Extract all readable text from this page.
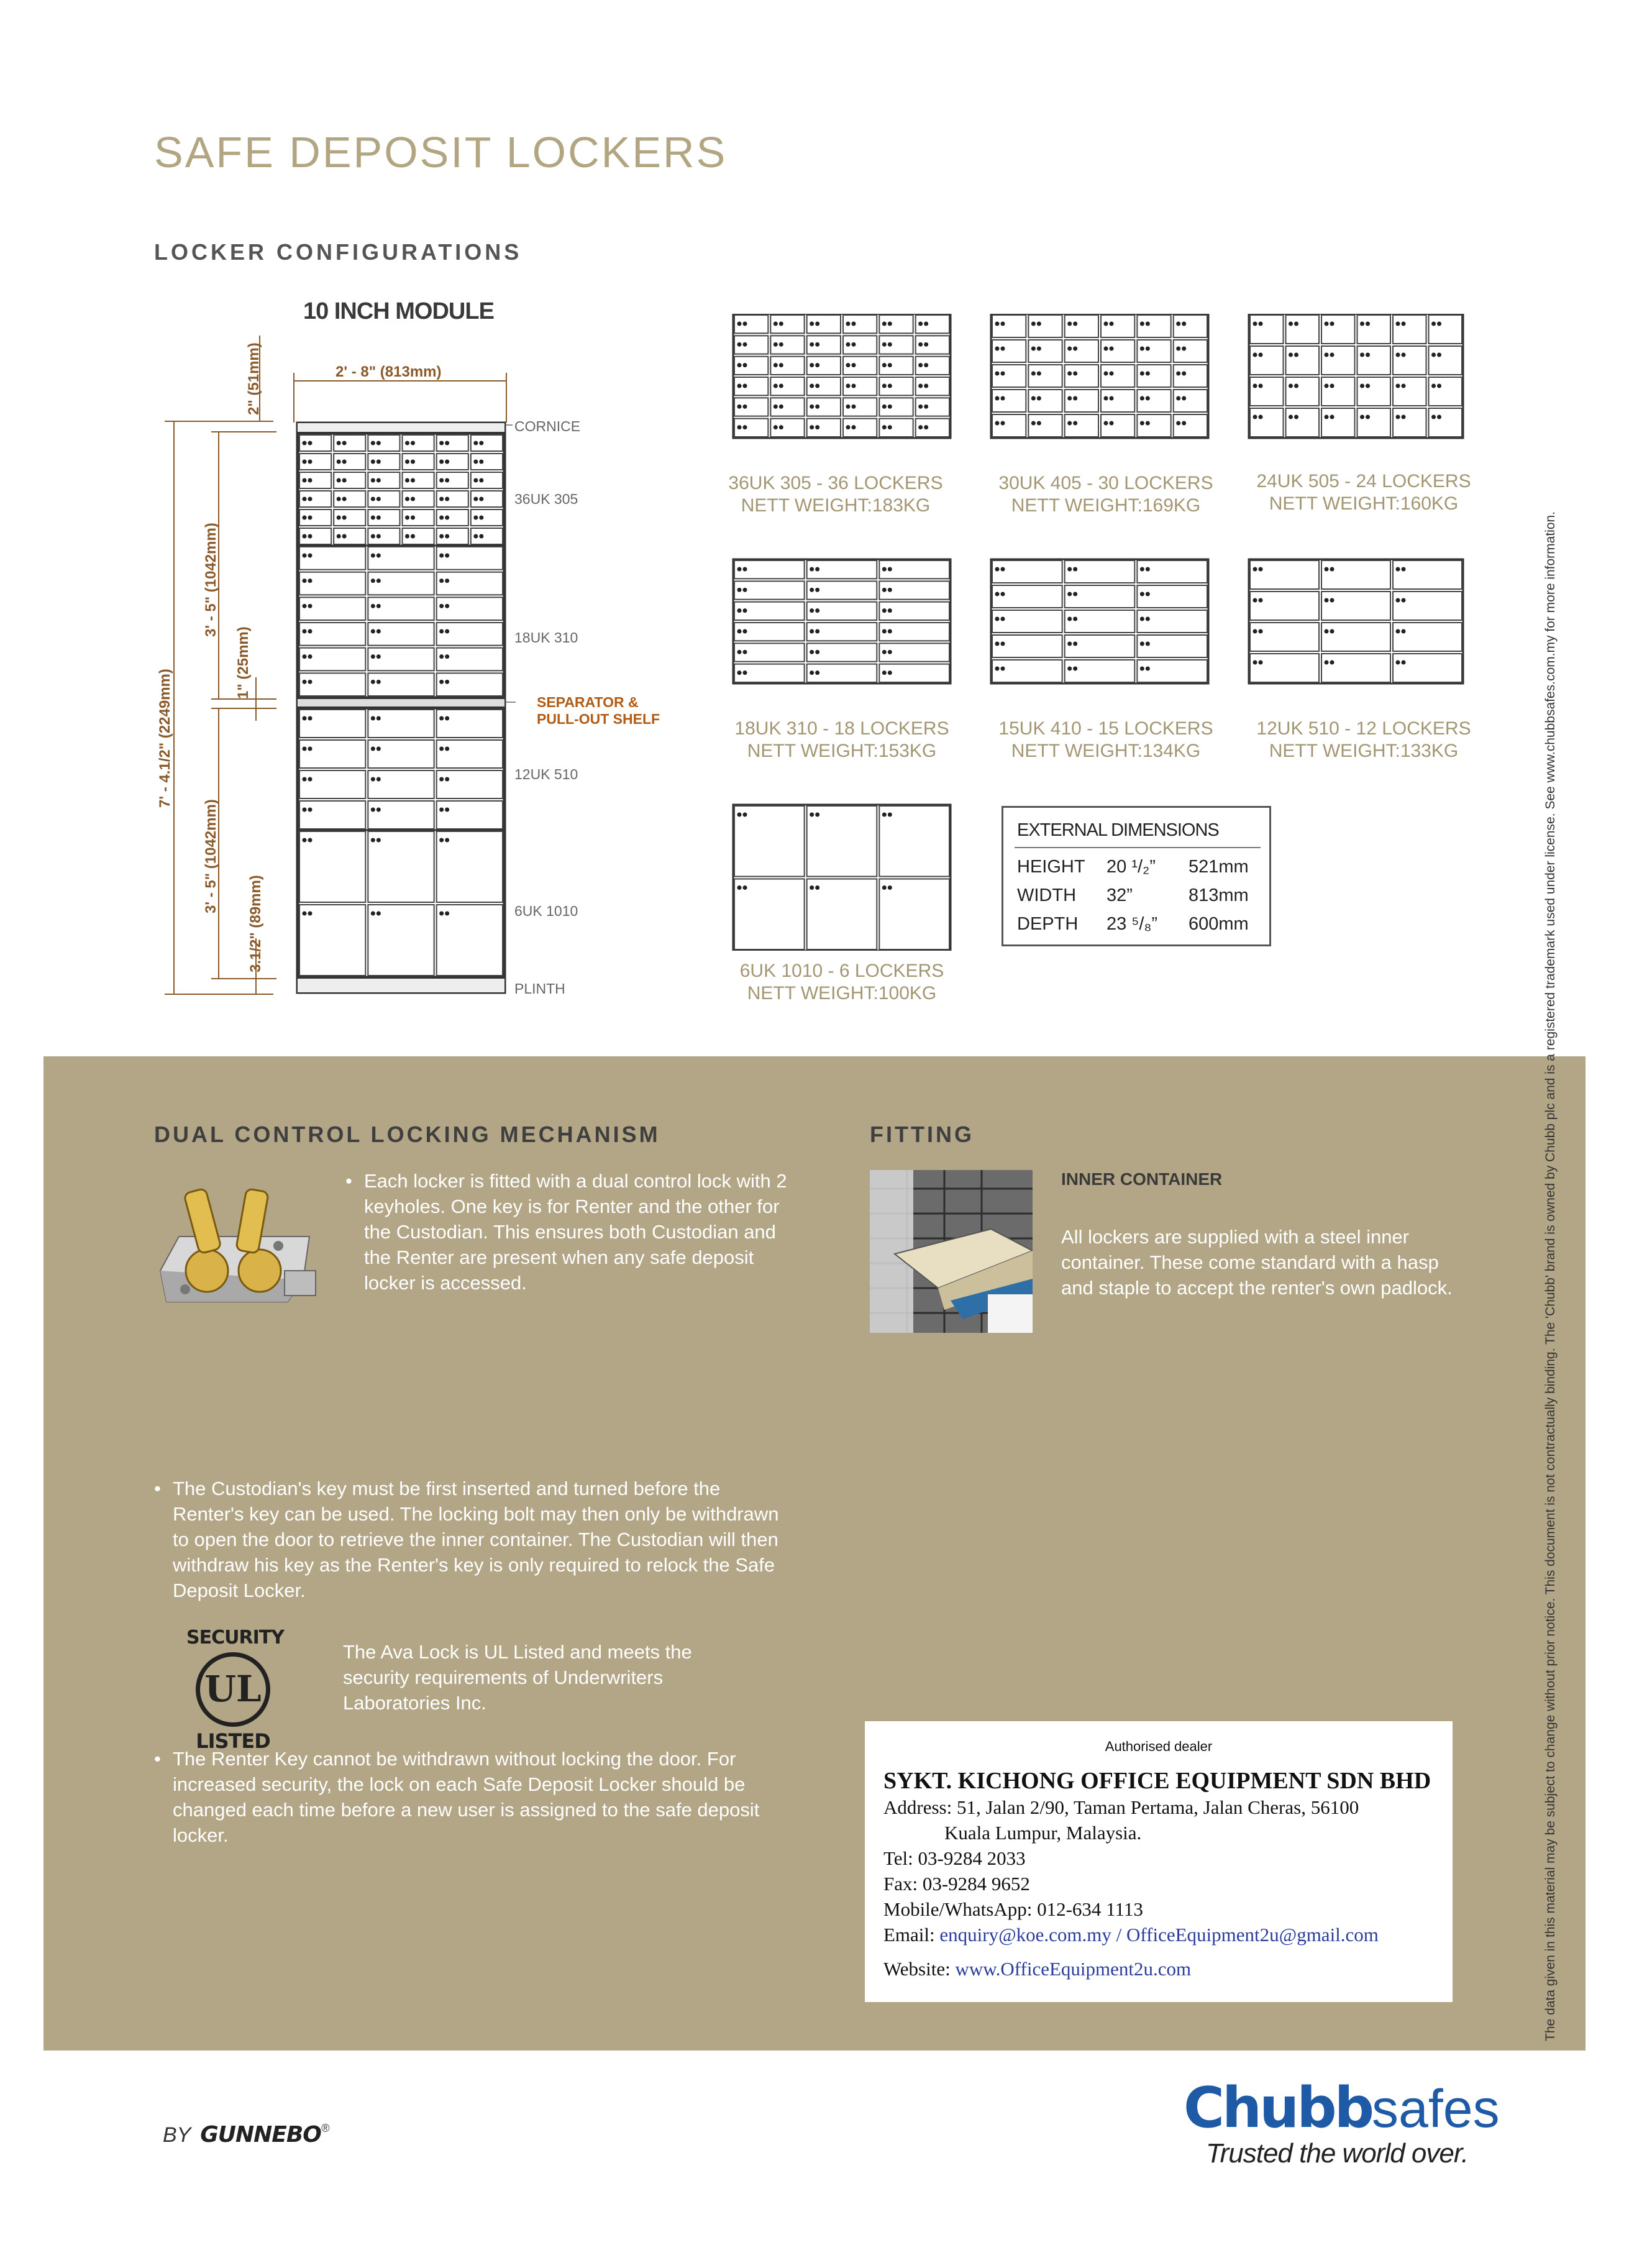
SAFE DEPOSIT LOCKERS
LOCKER CONFIGURATIONS
10 INCH MODULE
2' - 8" (813mm)
2" (51mm)
3' - 5" (1042mm)
7' - 4.1/2" (2249mm)
1" (25mm)
3' - 5" (1042mm)
3.1/2" (89mm)
CORNICE
36UK 305
18UK 310
SEPARATOR &
PULL-OUT SHELF
12UK 510
6UK 1010
PLINTH
36UK 305 - 36 LOCKERS
NETT WEIGHT:183KG
30UK 405 - 30 LOCKERS
NETT WEIGHT:169KG
24UK 505 - 24 LOCKERS
NETT WEIGHT:160KG
18UK 310 - 18 LOCKERS
NETT WEIGHT:153KG
15UK 410 - 15 LOCKERS
NETT WEIGHT:134KG
12UK 510 - 12 LOCKERS
NETT WEIGHT:133KG
6UK 1010 - 6 LOCKERS
NETT WEIGHT:100KG
EXTERNAL DIMENSIONS
HEIGHT 20 ¹/₂” 521mm
WIDTH 32”	813mm
DEPTH 23 ⁵/₈” 600mm
DUAL CONTROL LOCKING MECHANISM	FITTING
• Each locker is fitted with a dual control lock with 2 keyholes. One key is for Renter and the other for the Custodian. This ensures both Custodian and the Renter are present when any safe deposit locker is accessed.
• The Custodian's key must be first inserted and turned before the Renter's key can be used. The locking bolt may then only be withdrawn to open the door to retrieve the inner container. The Custodian will then withdraw his key as the Renter's key is only required to relock the Safe Deposit Locker.
• The Renter Key cannot be withdrawn without locking the door. For increased security, the lock on each Safe Deposit Locker should be changed each time before a new user is assigned to the safe deposit locker.
SECURITY
UL
LISTED
The Ava Lock is UL Listed and meets the security requirements of Underwriters Laboratories Inc.
INNER CONTAINER
All lockers are supplied with a steel inner container. These come standard with a hasp and staple to accept the renter's own padlock.
Authorised dealer
SYKT. KICHONG OFFICE EQUIPMENT SDN BHD
Address: 51, Jalan 2/90, Taman Pertama, Jalan Cheras, 56100
Kuala Lumpur, Malaysia.
Tel: 03-9284 2033
Fax: 03-9284 9652
Mobile/WhatsApp: 012-634 1113
Email: enquiry@koe.com.my / OfficeEquipment2u@gmail.com
Website: www.OfficeEquipment2u.com	The data given in this material may be subject to change without prior notice. This document is not contractually binding. The 'Chubb' brand is owned by Chubb plc and is a registered trademark used under license. See www.chubbsafes.com.my for more information.
BY GUNNEBO®	Chubbsafes
Trusted the world over.
